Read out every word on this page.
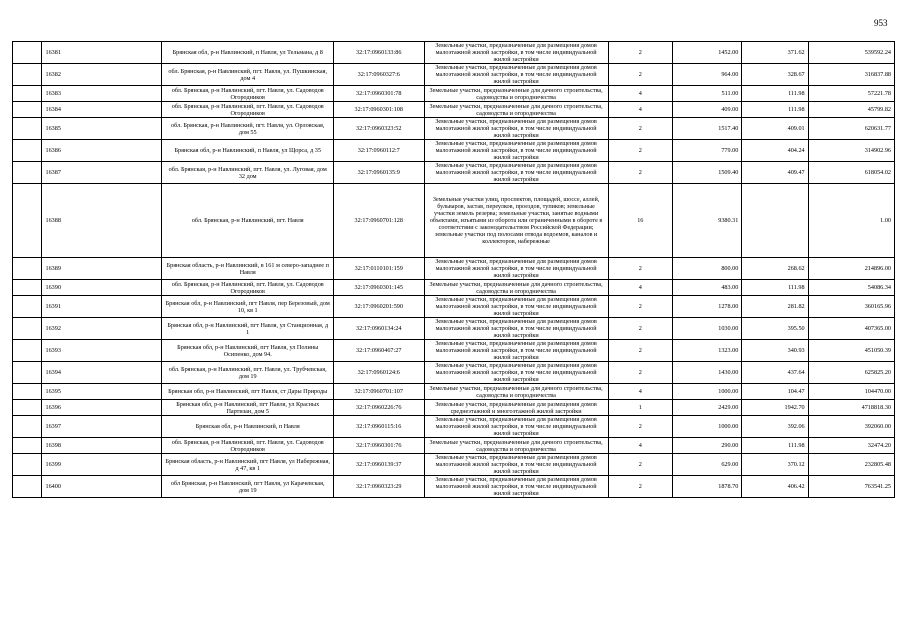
953
	16381	Брянская обл, р-н Навлинский, п Навля, ул Тельмана, д 8	32:17:0960133:86	Земельные участки, предназначенные для размещения домов малоэтажной жилой застройки, в том числе индивидуальной жилой застройки	2	1452.00	371.62	539592.24
	16382	обл. Брянская, р-н Навлинский, пгт. Навля, ул. Пушкинская, дом 4	32:17:0960327:6	Земельные участки, предназначенные для размещения домов малоэтажной жилой застройки, в том числе индивидуальной жилой застройки	2	964.00	328.67	316837.88
	16383	обл. Брянская, р-н Навлинский, пгт. Навля, ул. Садоводов Огородников	32:17:0960301:78	Земельные участки, предназначенные для дачного строительства, садоводства и огородничества	4	511.00	111.98	57221.78
	16384	обл. Брянская, р-н Навлинский, пгт. Навля, ул. Садоводов Огородников	32:17:0960301:108	Земельные участки, предназначенные для дачного строительства, садоводства и огородничества	4	409.00	111.98	45799.82
	16385	обл. Брянская, р-н Навлинский, пгт. Навля, ул. Орловская, дом 55	32:17:0960323:52	Земельные участки, предназначенные для размещения домов малоэтажной жилой застройки, в том числе индивидуальной жилой застройки	2	1517.40	409.01	620631.77
	16386	Брянская обл, р-н Навлинский, п Навля, ул Щорса, д 35	32:17:0960112:7	Земельные участки, предназначенные для размещения домов малоэтажной жилой застройки, в том числе индивидуальной жилой застройки	2	779.00	404.24	314902.96
	16387	обл. Брянская, р-н Навлинский, пгт. Навля, ул. Луговая, дом 32 дом	32:17:0960135:9	Земельные участки, предназначенные для размещения домов малоэтажной жилой застройки, в том числе индивидуальной жилой застройки	2	1509.40	409.47	618054.02
	16388	обл. Брянская, р-н Навлинский, пгт. Навля	32:17:0960701:128	Земельные участки улиц, проспектов, площадей, шоссе, аллей, бульваров, застав, переулков, проездов, тупиков; земельные участки земель резерва; земельные участки, занятые водными объектами, изъятыми из оборота или ограниченными в обороте в соответствии с законодательством Российской Федерации; земельные участки под полосами отвода водоемов, каналов и коллекторов, набережные	16	9380.31		1.00
	16389	Брянская область, р-н Навлинский, в 161 м северо-западнее п Навля	32:17:0110101:159	Земельные участки, предназначенные для размещения домов малоэтажной жилой застройки, в том числе индивидуальной жилой застройки	2	800.00	268.62	214896.00
	16390	обл. Брянская, р-н Навлинский, пгт. Навля, ул. Садоводов Огородников	32:17:0960301:145	Земельные участки, предназначенные для дачного строительства, садоводства и огородничества	4	483.00	111.98	54086.34
	16391	Брянская обл, р-н Навлинский, пгт Навля, пер Березовый, дом 10, кв 1	32:17:0960201:590	Земельные участки, предназначенные для размещения домов малоэтажной жилой застройки, в том числе индивидуальной жилой застройки	2	1278.00	281.82	360165.96
	16392	Брянская обл, р-н Навлинский, пгт Навля, ул Станционная, д 1	32:17:0960134:24	Земельные участки, предназначенные для размещения домов малоэтажной жилой застройки, в том числе индивидуальной жилой застройки	2	1030.00	395.50	407365.00
	16393	Брянская обл, р-н Навлинский, пгт Навля, ул Полины Осипенко, дом 94.	32:17:0960467:27	Земельные участки, предназначенные для размещения домов малоэтажной жилой застройки, в том числе индивидуальной жилой застройки	2	1323.00	340.93	451050.39
	16394	обл. Брянская, р-н Навлинский, пгт. Навля, ул. Трубчевская, дом 19	32:17:0960124:6	Земельные участки, предназначенные для размещения домов малоэтажной жилой застройки, в том числе индивидуальной жилой застройки	2	1430.00	437.64	625825.20
	16395	Брянская обл, р-н Навлинский, пгт Навля, ст Дары Природы	32:17:0960701:107	Земельные участки, предназначенные для дачного строительства, садоводства и огородничества	4	1000.00	104.47	104470.00
	16396	Брянская обл, р-н Навлинский, пгт Навля, ул Красных Партизан, дом 5	32:17:0960226:76	Земельные участки, предназначенные для размещения домов среднеэтажной и многоэтажной жилой застройки	1	2429.00	1942.70	4718818.30
	16397	Брянская обл, р-н Навлинский, п Навля	32:17:0960115:16	Земельные участки, предназначенные для размещения домов малоэтажной жилой застройки, в том числе индивидуальной жилой застройки	2	1000.00	392.06	392060.00
	16398	обл. Брянская, р-н Навлинский, пгт. Навля, ул. Садоводов Огородников	32:17:0960301:76	Земельные участки, предназначенные для дачного строительства, садоводства и огородничества	4	290.00	111.98	32474.20
	16399	Брянская область, р-н Навлинский, пгт Навля, ул Набережная, д 47, кв 1	32:17:0960139:37	Земельные участки, предназначенные для размещения домов малоэтажной жилой застройки, в том числе индивидуальной жилой застройки	2	629.00	370.12	232805.48
	16400	обл Брянская, р-н Навлинский, пгт Навля, ул Карачевская, дом 19	32:17:0960323:29	Земельные участки, предназначенные для размещения домов малоэтажной жилой застройки, в том числе индивидуальной жилой застройки	2	1878.70	406.42	763541.25
